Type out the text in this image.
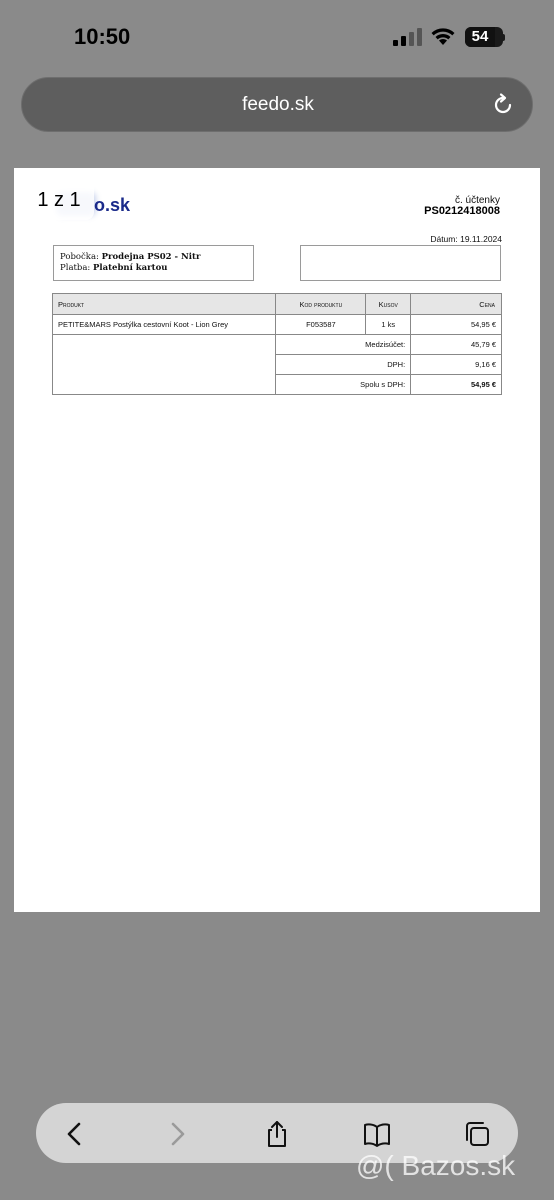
10:50	54
feedo.sk
1 z 1 o.sk	č. účtenky
PS0212418008
Dátum: 19.11.2024
Pobočka: Prodejna PS02 - Nitr
Platba: Platební kartou
Produkt	Kod produktu	Kusov	Cena
PETITE&MARS Postýlka cestovní Koot - Lion Grey	F053587	1 ks	54,95 €
	Medzisúčet:		45,79 €
	DPH:		9,16 €
	Spolu s DPH:		54,95 €
@( Bazos.sk
